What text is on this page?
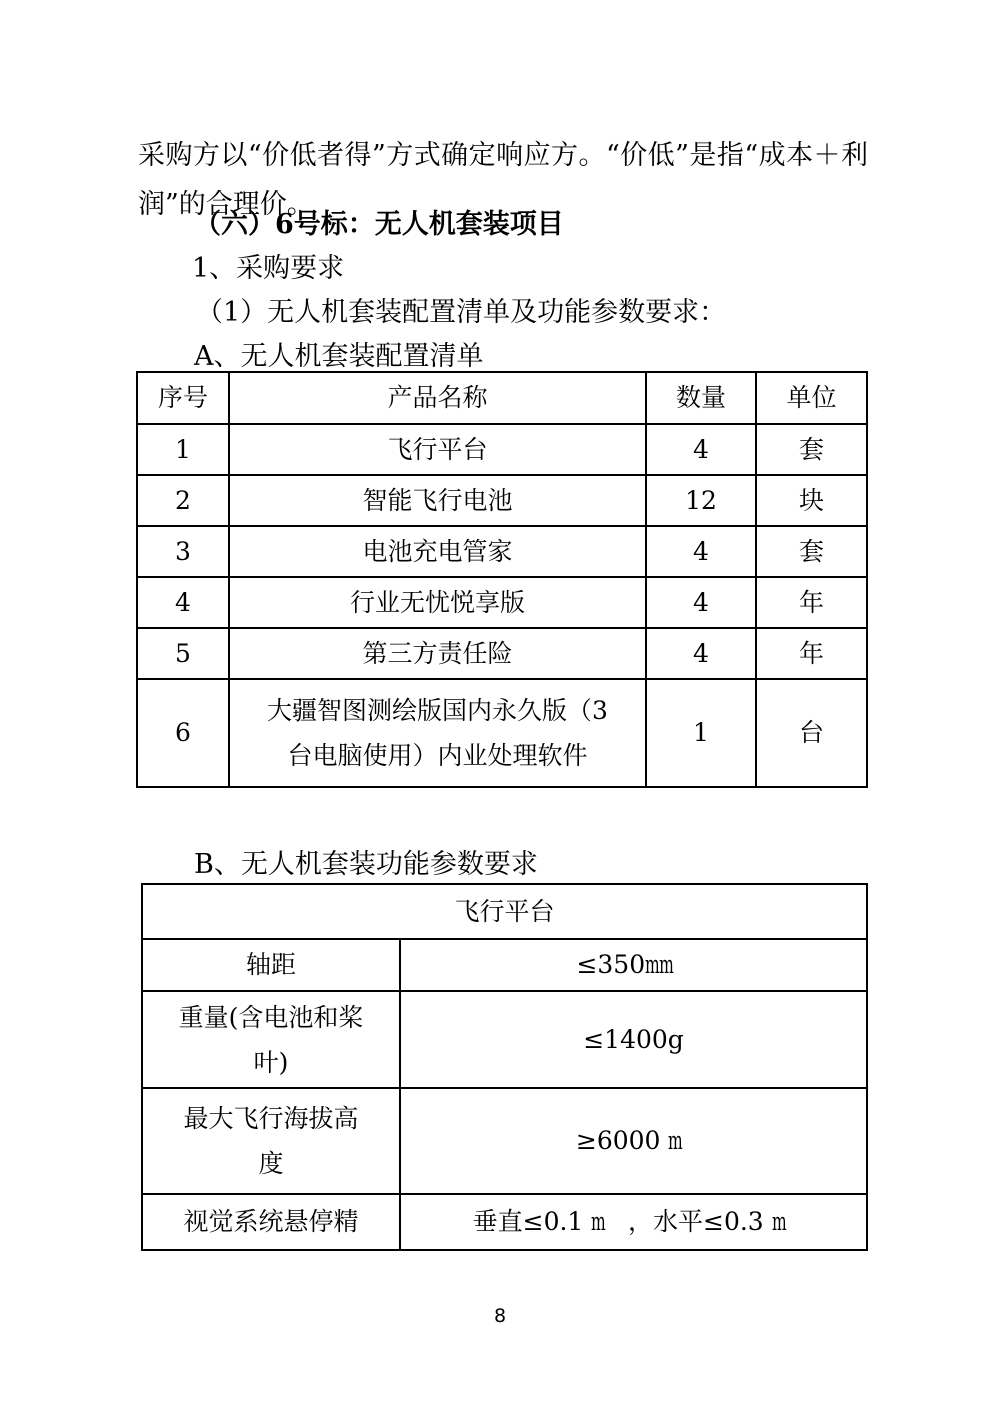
采购方以“价低者得”方式确定响应方。“价低”是指“成本＋利润”的合理价。

（六）6号标：无人机套装项目
1、采购要求
（1）无人机套装配置清单及功能参数要求：
A、无人机套装配置清单
序号	产品名称	数量	单位
1	飞行平台	4	套
2	智能飞行电池	12	块
3	电池充电管家	4	套
4	行业无忧悦享版	4	年
5	第三方责任险	4	年
6	大疆智图测绘版国内永久版（3
台电脑使用）内业处理软件	1	台
B、无人机套装功能参数要求
飞行平台	
轴距	≤350mm

重量(含电池和桨
叶)	≤1400g

最大飞行海拔高
度	≥6000 m
视觉系统悬停精	垂直≤0.1 m ，水平≤0.3 m
8
